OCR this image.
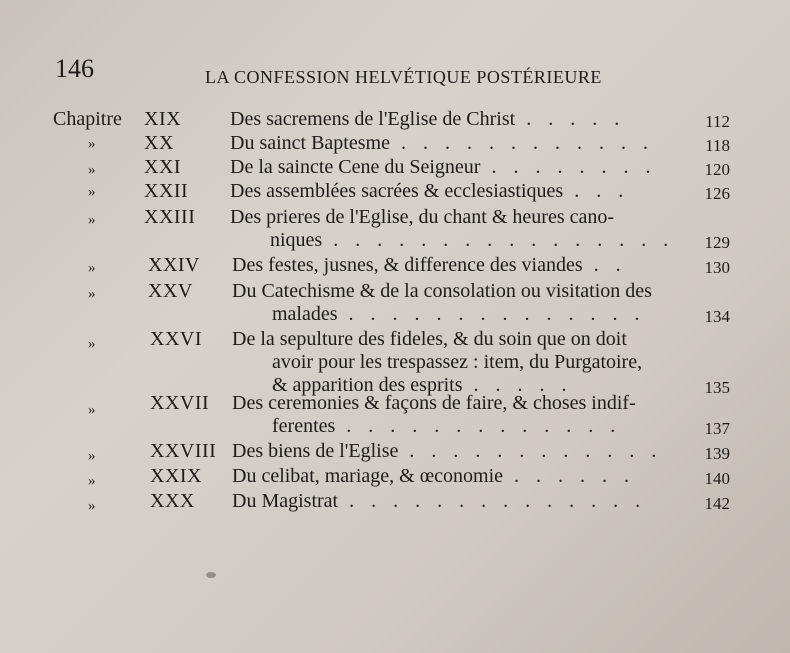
146	LA CONFESSION HELVÉTIQUE POSTÉRIEURE
Chapitre XIX Des sacremens de l'Eglise de Christ . . . . .	112
» XX	Du sainct Baptesme . . . . . . . . . . . .	118
» XXI De la saincte Cene du Seigneur . . . . . . . .	120
» XXII Des assemblées sacrées & ecclesiastiques . . .	126
» XXIII Des prieres de l'Eglise, du chant & heures cano-
niques . . . . . . . . . . . . . . . .	129
»	XXIV Des festes, jusnes, & difference des viandes . .	130
»	XXV Du Catechisme & de la consolation ou visitation des
malades . . . . . . . . . . . . . .	134
»	XXVI De la sepulture des fideles, & du soin que on doit
avoir pour les trespassez : item, du Purgatoire,
& apparition des esprits . . . . .	135
»	XXVII Des ceremonies & façons de faire, & choses indif-
ferentes . . . . . . . . . . . . .	137
»	XXVIII Des biens de l'Eglise . . . . . . . . . . . .	139
»	XXIX Du celibat, mariage, & œconomie . . . . . .	140
»	XXX Du Magistrat . . . . . . . . . . . . . .	142
